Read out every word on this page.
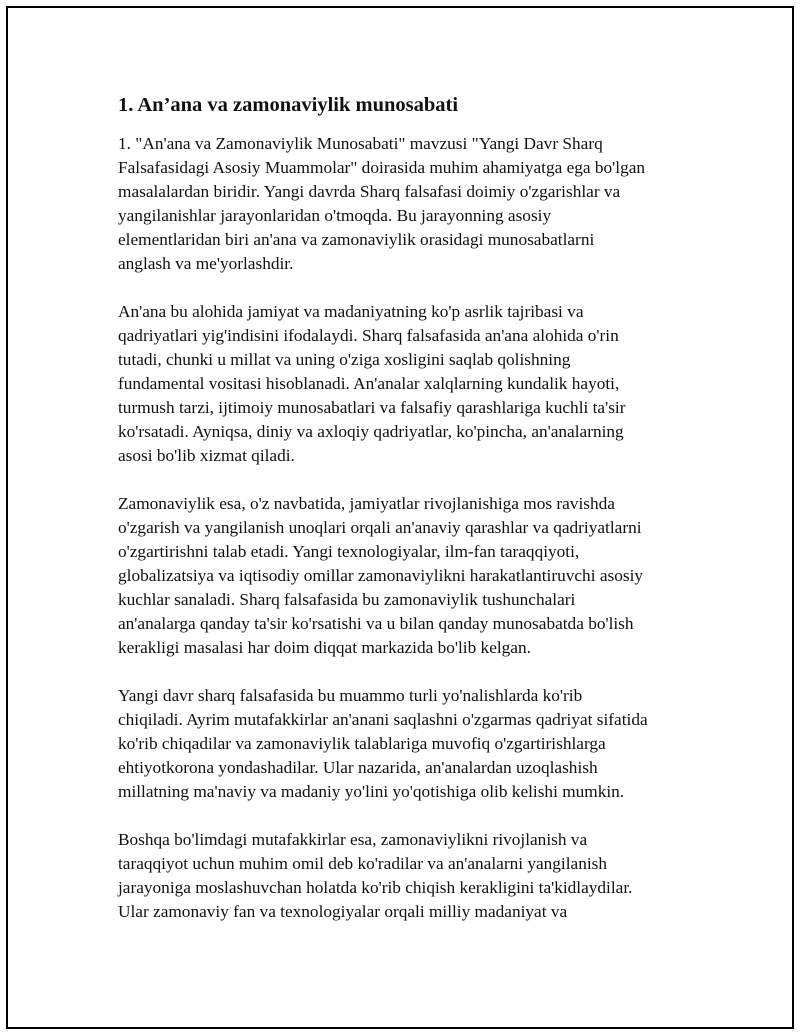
1. An’ana va zamonaviylik munosabati

1. "An'ana va Zamonaviylik Munosabati" mavzusi "Yangi Davr Sharq
Falsafasidagi Asosiy Muammolar" doirasida muhim ahamiyatga ega bo'lgan
masalalardan biridir. Yangi davrda Sharq falsafasi doimiy o'zgarishlar va
yangilanishlar jarayonlaridan o'tmoqda. Bu jarayonning asosiy
elementlaridan biri an'ana va zamonaviylik orasidagi munosabatlarni
anglash va me'yorlashdir.

An'ana bu alohida jamiyat va madaniyatning ko'p asrlik tajribasi va
qadriyatlari yig'indisini ifodalaydi. Sharq falsafasida an'ana alohida o'rin
tutadi, chunki u millat va uning o'ziga xosligini saqlab qolishning
fundamental vositasi hisoblanadi. An'analar xalqlarning kundalik hayoti,
turmush tarzi, ijtimoiy munosabatlari va falsafiy qarashlariga kuchli ta'sir
ko'rsatadi. Ayniqsa, diniy va axloqiy qadriyatlar, ko'pincha, an'analarning
asosi bo'lib xizmat qiladi.

Zamonaviylik esa, o'z navbatida, jamiyatlar rivojlanishiga mos ravishda
o'zgarish va yangilanish unoqlari orqali an'anaviy qarashlar va qadriyatlarni
o'zgartirishni talab etadi. Yangi texnologiyalar, ilm-fan taraqqiyoti,
globalizatsiya va iqtisodiy omillar zamonaviylikni harakatlantiruvchi asosiy
kuchlar sanaladi. Sharq falsafasida bu zamonaviylik tushunchalari
an'analarga qanday ta'sir ko'rsatishi va u bilan qanday munosabatda bo'lish
kerakligi masalasi har doim diqqat markazida bo'lib kelgan.

Yangi davr sharq falsafasida bu muammo turli yo'nalishlarda ko'rib
chiqiladi. Ayrim mutafakkirlar an'anani saqlashni o'zgarmas qadriyat sifatida
ko'rib chiqadilar va zamonaviylik talablariga muvofiq o'zgartirishlarga
ehtiyotkorona yondashadilar. Ular nazarida, an'analardan uzoqlashish
millatning ma'naviy va madaniy yo'lini yo'qotishiga olib kelishi mumkin.

Boshqa bo'limdagi mutafakkirlar esa, zamonaviylikni rivojlanish va
taraqqiyot uchun muhim omil deb ko'radilar va an'analarni yangilanish
jarayoniga moslashuvchan holatda ko'rib chiqish kerakligini ta'kidlaydilar.
Ular zamonaviy fan va texnologiyalar orqali milliy madaniyat va
